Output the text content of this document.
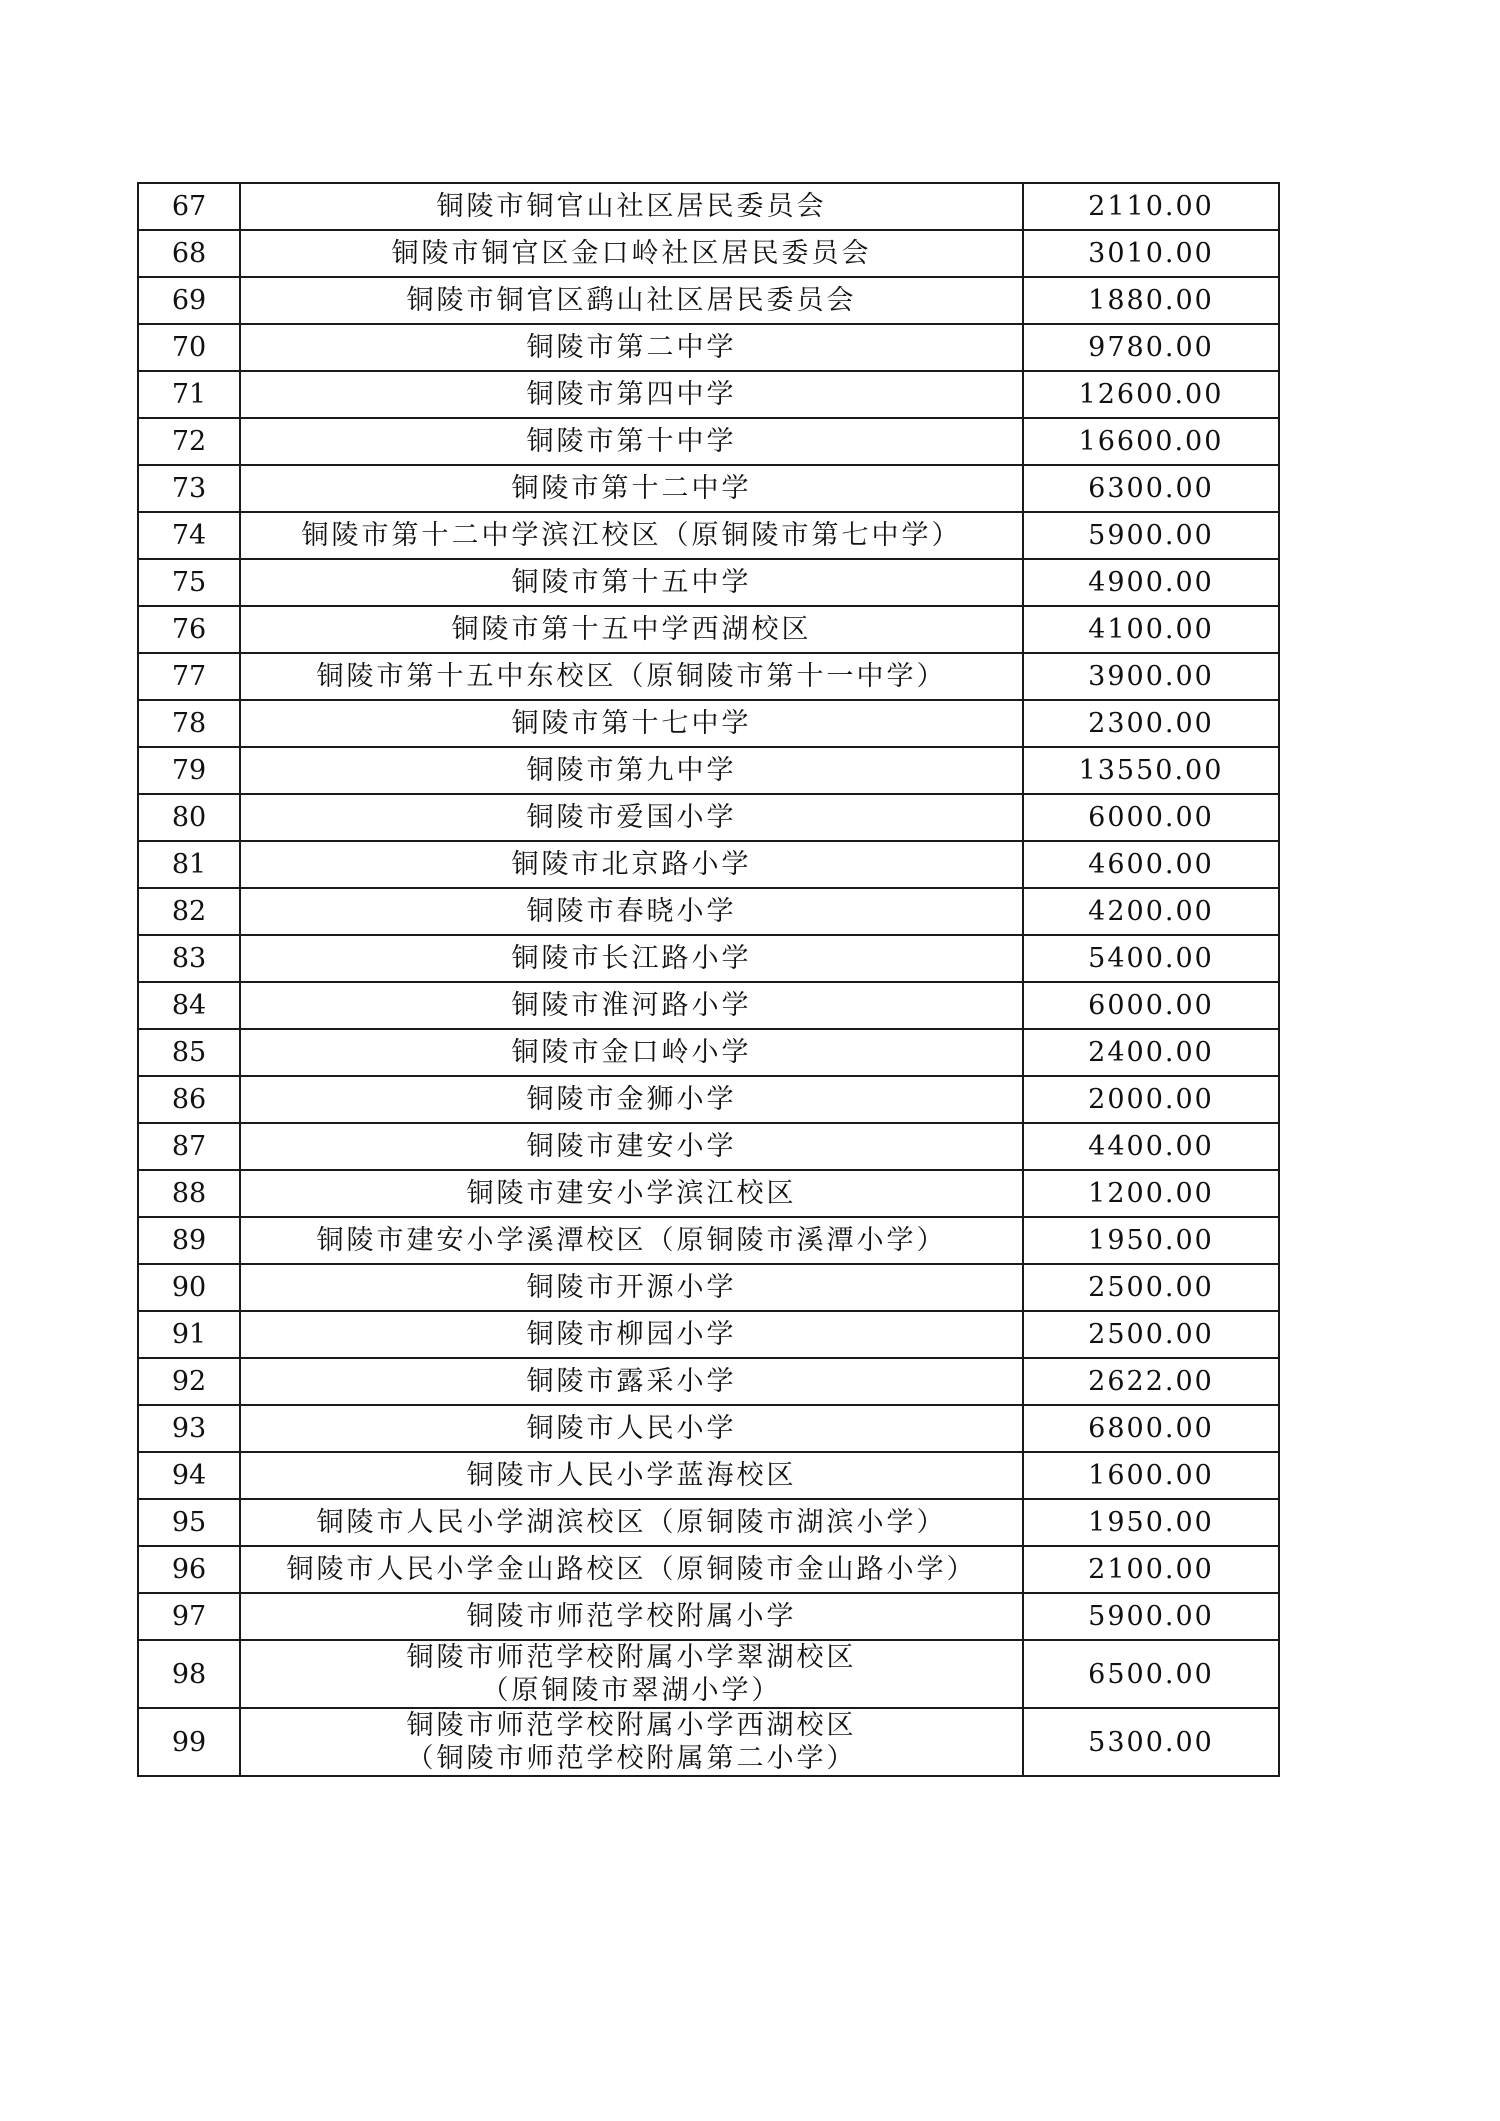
67	铜陵市铜官山社区居民委员会	2110.00
68	铜陵市铜官区金口岭社区居民委员会	3010.00
69	铜陵市铜官区鹞山社区居民委员会	1880.00
70	铜陵市第二中学	9780.00
71	铜陵市第四中学	12600.00
72	铜陵市第十中学	16600.00
73	铜陵市第十二中学	6300.00
74	铜陵市第十二中学滨江校区（原铜陵市第七中学）	5900.00
75	铜陵市第十五中学	4900.00
76	铜陵市第十五中学西湖校区	4100.00
77	铜陵市第十五中东校区（原铜陵市第十一中学）	3900.00
78	铜陵市第十七中学	2300.00
79	铜陵市第九中学	13550.00
80	铜陵市爱国小学	6000.00
81	铜陵市北京路小学	4600.00
82	铜陵市春晓小学	4200.00
83	铜陵市长江路小学	5400.00
84	铜陵市淮河路小学	6000.00
85	铜陵市金口岭小学	2400.00
86	铜陵市金狮小学	2000.00
87	铜陵市建安小学	4400.00
88	铜陵市建安小学滨江校区	1200.00
89	铜陵市建安小学溪潭校区（原铜陵市溪潭小学）	1950.00
90	铜陵市开源小学	2500.00
91	铜陵市柳园小学	2500.00
92	铜陵市露采小学	2622.00
93	铜陵市人民小学	6800.00
94	铜陵市人民小学蓝海校区	1600.00
95	铜陵市人民小学湖滨校区（原铜陵市湖滨小学）	1950.00
96	铜陵市人民小学金山路校区（原铜陵市金山路小学）	2100.00
97	铜陵市师范学校附属小学	5900.00
98	铜陵市师范学校附属小学翠湖校区
（原铜陵市翠湖小学）	6500.00
99	铜陵市师范学校附属小学西湖校区
（铜陵市师范学校附属第二小学）	5300.00
